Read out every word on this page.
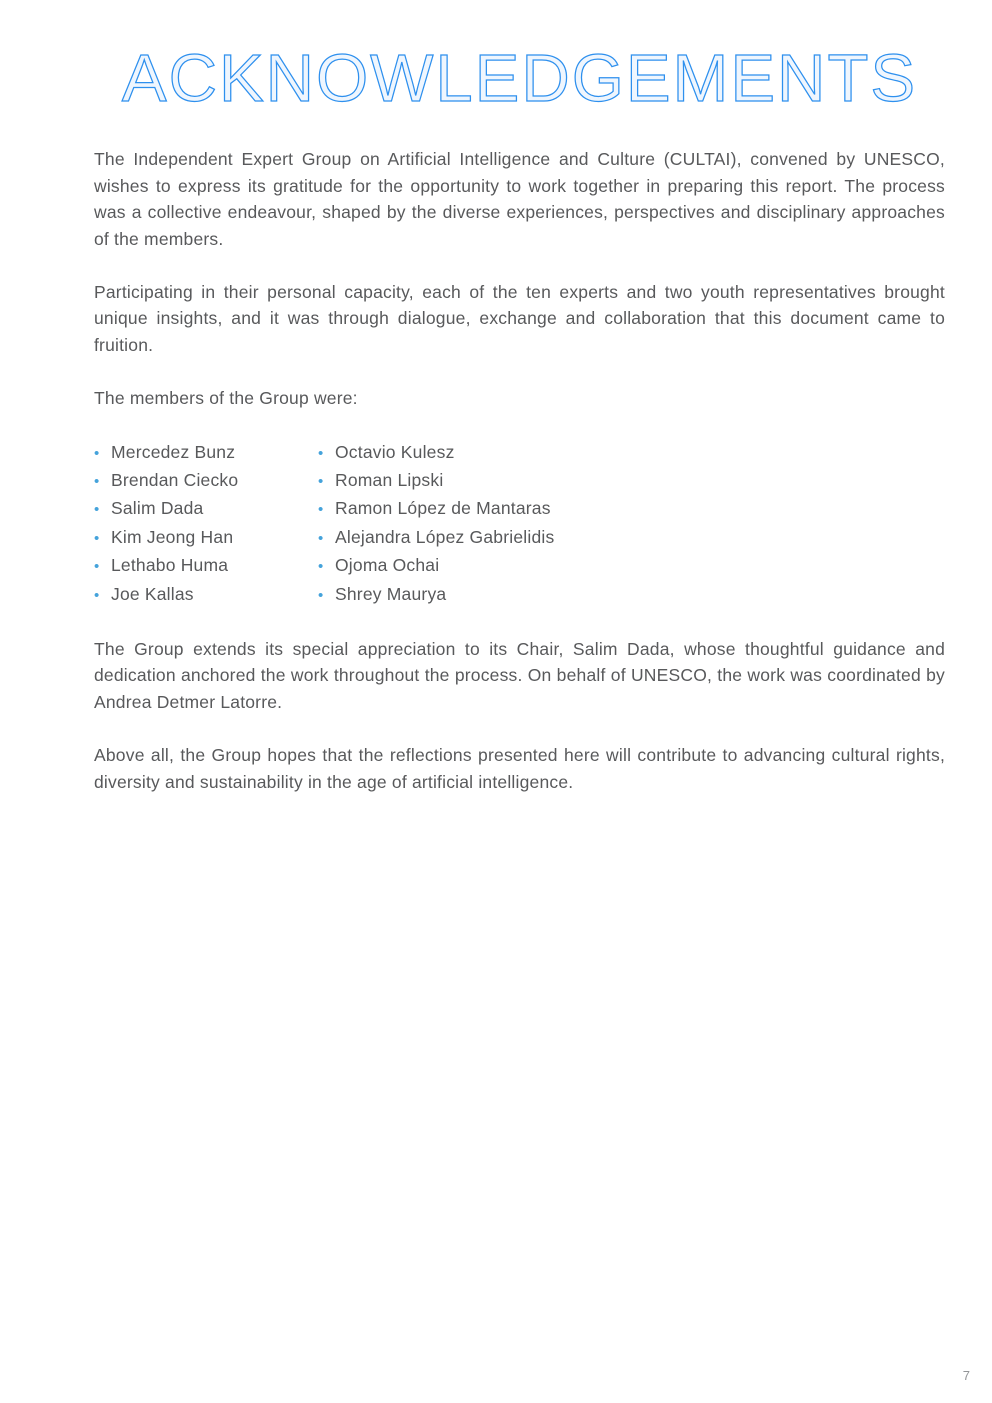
ACKNOWLEDGEMENTS

The Independent Expert Group on Artificial Intelligence and Culture (CULTAI), convened by UNESCO, wishes to express its gratitude for the opportunity to work together in preparing this report. The process was a collective endeavour, shaped by the diverse experiences, perspectives and disciplinary approaches of the members.

Participating in their personal capacity, each of the ten experts and two youth representatives brought unique insights, and it was through dialogue, exchange and collaboration that this document came to fruition.

The members of the Group were:

• Mercedez Bunz
• Brendan Ciecko
• Salim Dada
• Kim Jeong Han
• Lethabo Huma
• Joe Kallas
• Octavio Kulesz
• Roman Lipski
• Ramon López de Mantaras
• Alejandra López Gabrielidis
• Ojoma Ochai
• Shrey Maurya

The Group extends its special appreciation to its Chair, Salim Dada, whose thoughtful guidance and dedication anchored the work throughout the process. On behalf of UNESCO, the work was coordinated by Andrea Detmer Latorre.

Above all, the Group hopes that the reflections presented here will contribute to advancing cultural rights, diversity and sustainability in the age of artificial intelligence.

7
